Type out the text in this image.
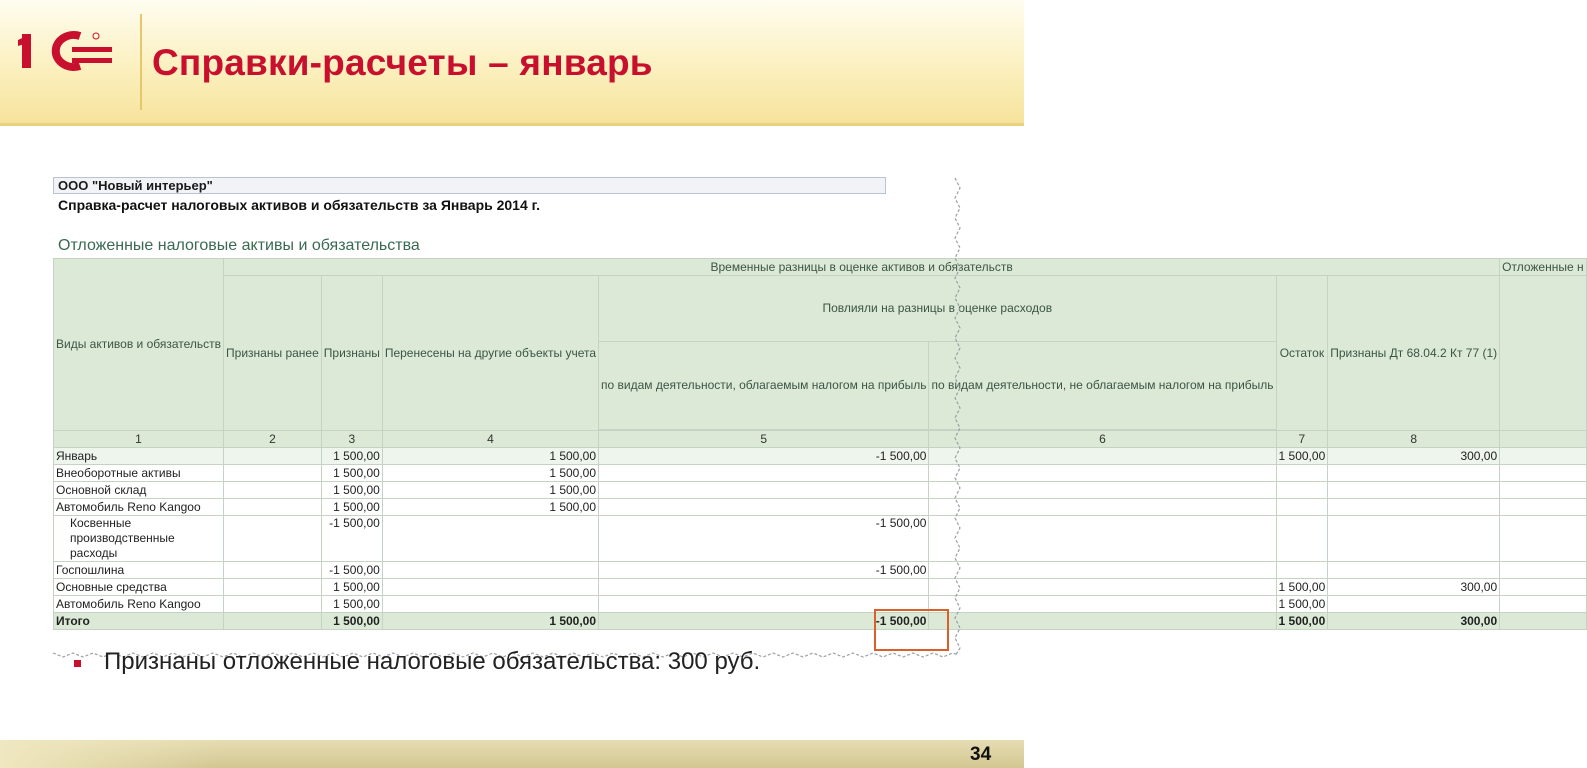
Справки-расчеты – январь
ООО "Новый интерьер"
Справка-расчет налоговых активов и обязательств за Январь 2014 г.
Отложенные налоговые активы и обязательства
Виды активов и обязательств	Временные разницы в оценке активов и обязательств							Отложенные н
	Признаны ранее	Признаны	Перенесены на другие объекты учета	Повлияли на разницы в оценке расходов		Остаток	Признаны Дт 68.04.2 Кт 77 (1)	
				по видам деятельности, облагаемым налогом на прибыль	по видам деятельности, не облагаемым налогом на прибыль			

1	2	3	4	5	6	7	8	
Январь		1 500,00	1 500,00	-1 500,00		1 500,00	300,00	
Внеоборотные активы		1 500,00	1 500,00					
Основной склад		1 500,00	1 500,00					
Автомобиль Reno Kangoo		1 500,00	1 500,00					
Косвенные производственные расходы		-1 500,00		-1 500,00				
Госпошлина		-1 500,00		-1 500,00				
Основные средства		1 500,00				1 500,00	300,00	
Автомобиль Reno Kangoo		1 500,00				1 500,00		
Итого		1 500,00	1 500,00	-1 500,00		1 500,00	300,00	
Признаны отложенные налоговые обязательства: 300 руб.
34
